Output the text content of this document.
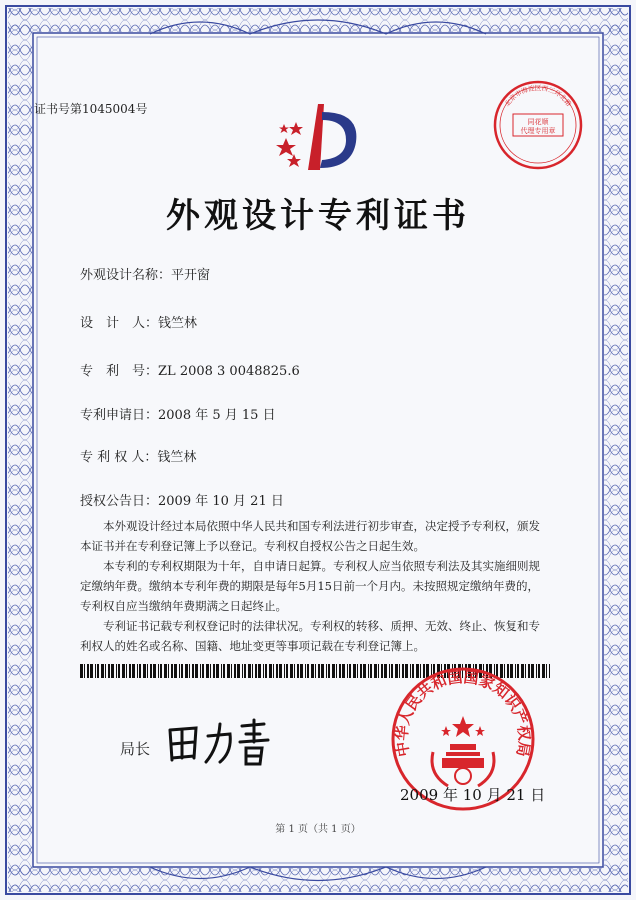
证书号第1045004号
同花顺
代理专用章
北京市海淀区西三环北路
外观设计专利证书
外观设计名称：平开窗
设　计　人：钱竺林
专　利　号：ZL 2008 3 0048825.6
专利申请日：2008 年 5 月 15 日
专 利 权 人：钱竺林
授权公告日：2009 年 10 月 21 日
本外观设计经过本局依照中华人民共和国专利法进行初步审查，决定授予专利权，颁发本证书并在专利登记簿上予以登记。专利权自授权公告之日起生效。
本专利的专利权期限为十年，自申请日起算。专利权人应当依照专利法及其实施细则规定缴纳年费。缴纳本专利年费的期限是每年5月15日前一个月内。未按照规定缴纳年费的，专利权自应当缴纳年费期满之日起终止。
专利证书记载专利权登记时的法律状况。专利权的转移、质押、无效、终止、恢复和专利权人的姓名或名称、国籍、地址变更等事项记载在专利登记簿上。
中华人民共和国国家知识产权局
局长
2009 年 10 月 21 日
第 1 页（共 1 页）
